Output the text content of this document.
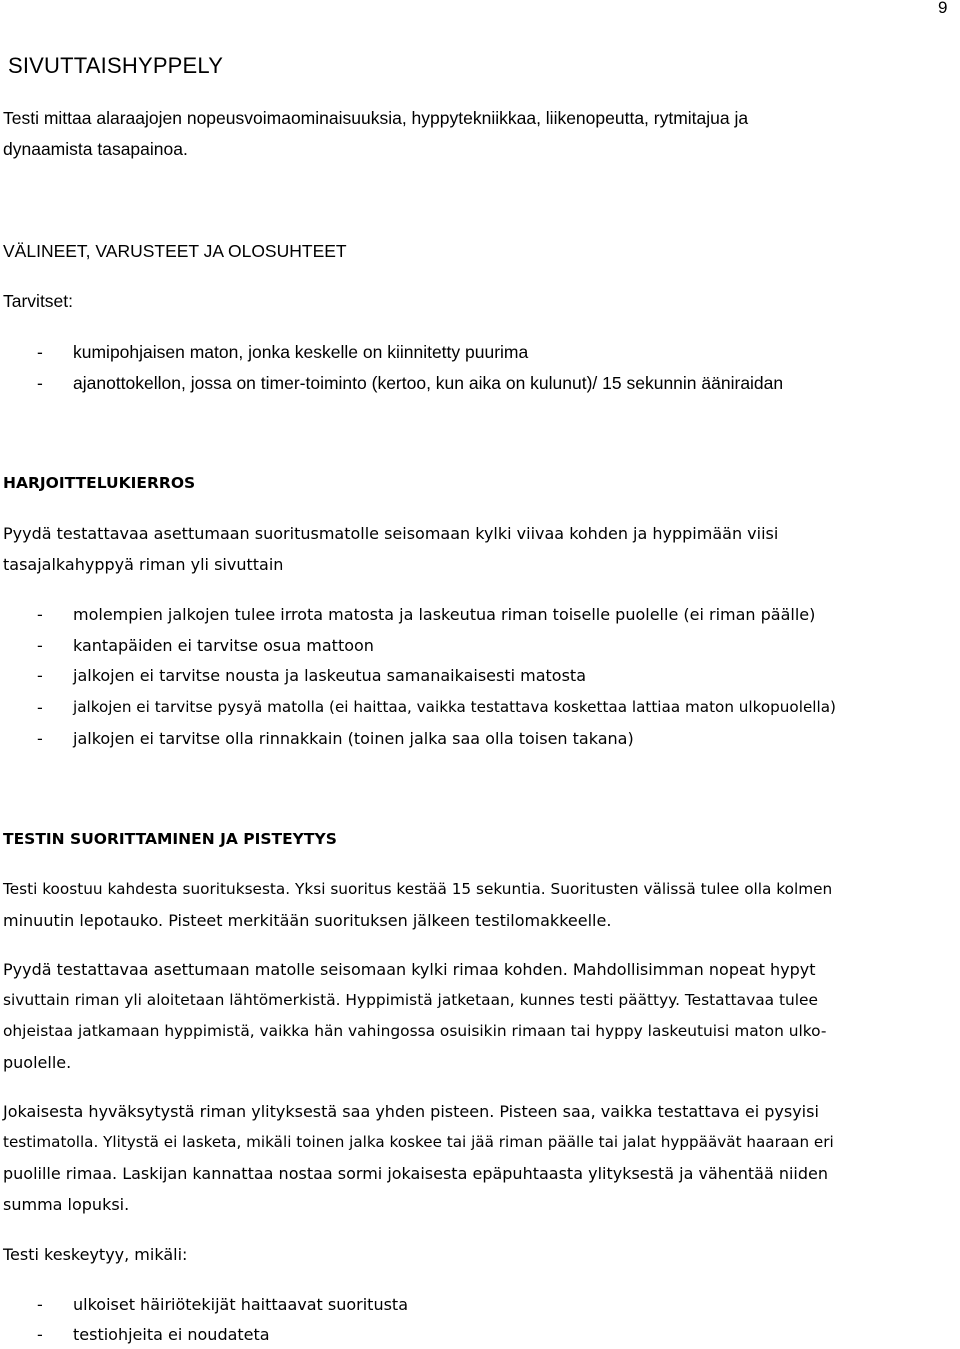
9
SIVUTTAISHYPPELY
Testi mittaa alaraajojen nopeusvoimaominaisuuksia, hyppytekniikkaa, liikenopeutta, rytmitajua ja
dynaamista tasapainoa.
VÄLINEET, VARUSTEET JA OLOSUHTEET
Tarvitset:
- kumipohjaisen maton, jonka keskelle on kiinnitetty puurima
- ajanottokellon, jossa on timer-toiminto (kertoo, kun aika on kulunut)/ 15 sekunnin ääniraidan
HARJOITTELUKIERROS
Pyydä testattavaa asettumaan suoritusmatolle seisomaan kylki viivaa kohden ja hyppimään viisi
tasajalkahyppyä riman yli sivuttain
- molempien jalkojen tulee irrota matosta ja laskeutua riman toiselle puolelle (ei riman päälle)
- kantapäiden ei tarvitse osua mattoon
- jalkojen ei tarvitse nousta ja laskeutua samanaikaisesti matosta
- jalkojen ei tarvitse pysyä matolla (ei haittaa, vaikka testattava koskettaa lattiaa maton ulkopuolella)
- jalkojen ei tarvitse olla rinnakkain (toinen jalka saa olla toisen takana)
TESTIN SUORITTAMINEN JA PISTEYTYS
Testi koostuu kahdesta suorituksesta. Yksi suoritus kestää 15 sekuntia. Suoritusten välissä tulee olla kolmen
minuutin lepotauko. Pisteet merkitään suorituksen jälkeen testilomakkeelle.
Pyydä testattavaa asettumaan matolle seisomaan kylki rimaa kohden. Mahdollisimman nopeat hypyt
sivuttain riman yli aloitetaan lähtömerkistä. Hyppimistä jatketaan, kunnes testi päättyy. Testattavaa tulee
ohjeistaa jatkamaan hyppimistä, vaikka hän vahingossa osuisikin rimaan tai hyppy laskeutuisi maton ulko-
puolelle.
Jokaisesta hyväksytystä riman ylityksestä saa yhden pisteen. Pisteen saa, vaikka testattava ei pysyisi
testimatolla. Ylitystä ei lasketa, mikäli toinen jalka koskee tai jää riman päälle tai jalat hyppäävät haaraan eri
puolille rimaa. Laskijan kannattaa nostaa sormi jokaisesta epäpuhtaasta ylityksestä ja vähentää niiden
summa lopuksi.
Testi keskeytyy, mikäli:
- ulkoiset häiriötekijät haittaavat suoritusta
- testiohjeita ei noudateta
